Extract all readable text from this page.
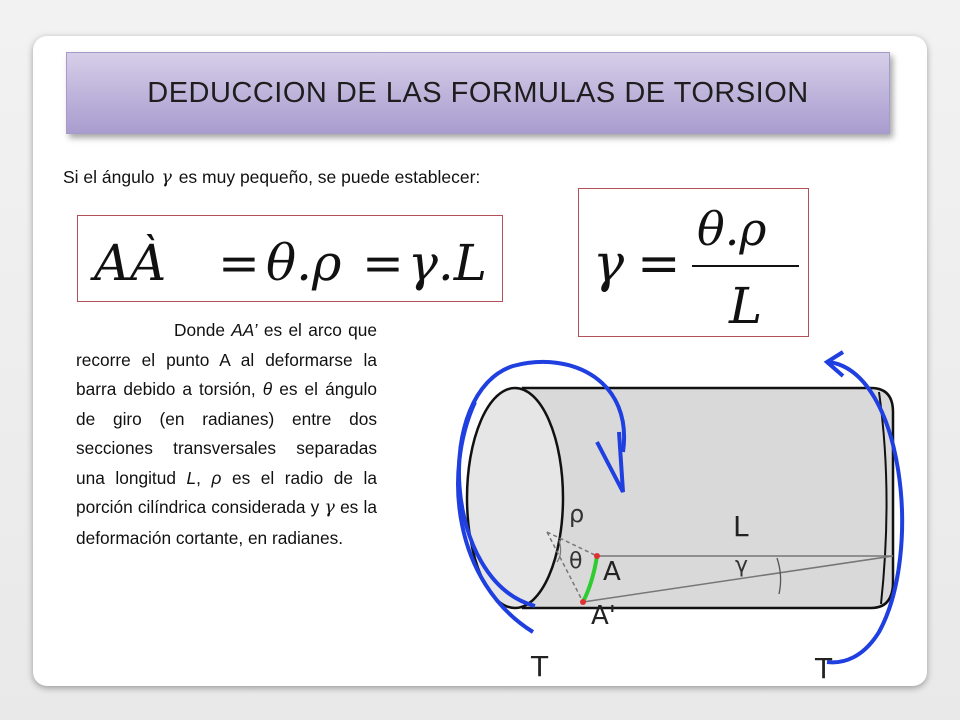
DEDUCCION DE LAS FORMULAS DE TORSION
Si el ángulo γ es muy pequeño, se puede establecer:
AÀ = θ.ρ = γ.L γ =
θ.ρ
L
Donde AA’ es el arco que recorre el punto A al deformarse la barra debido a torsión, θ es el ángulo de giro (en radianes) entre dos secciones transversales separadas una longitud L, ρ es el radio de la porción cilíndrica considerada y γ es la deformación cortante, en radianes.
ρ
θ A
A'
L
γ
T	T
